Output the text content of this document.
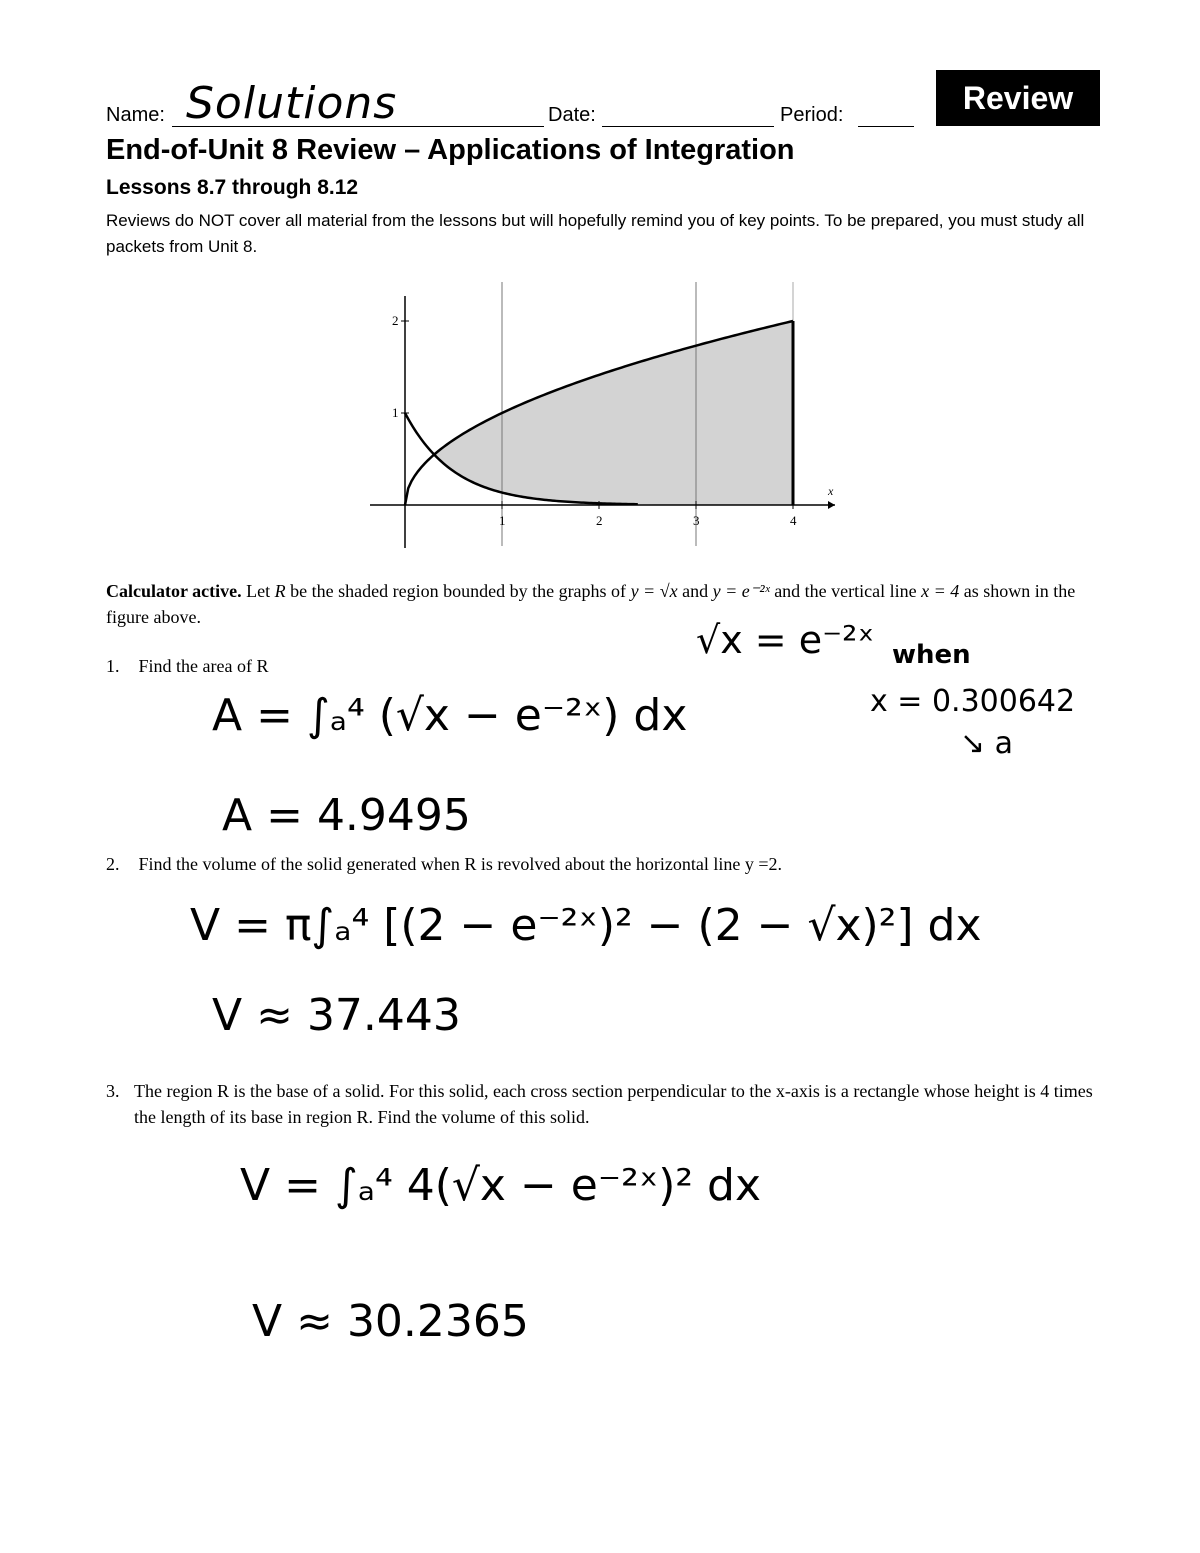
Name: Solutions	Date:	Period:	Review
End-of-Unit 8 Review – Applications of Integration
Lessons 8.7 through 8.12
Reviews do NOT cover all material from the lessons but will hopefully remind you of key points. To be prepared, you must study all packets from Unit 8.
1	2	3	4
1
2
x
Calculator active. Let R be the shaded region bounded by the graphs of y = √x and y = e⁻²ˣ and the vertical line x = 4 as shown in the figure above.
√x = e⁻²ˣ when
x = 0.300642
↘ a
1. Find the area of R
A = ∫ₐ⁴ (√x − e⁻²ˣ) dx
A = 4.9495
2. Find the volume of the solid generated when R is revolved about the horizontal line y =2.
V = π∫ₐ⁴ [(2 − e⁻²ˣ)² − (2 − √x)²] dx
V ≈ 37.443
3. The region R is the base of a solid. For this solid, each cross section perpendicular to the x-axis is a rectangle whose height is 4 times the length of its base in region R. Find the volume of this solid.
V = ∫ₐ⁴ 4(√x − e⁻²ˣ)² dx
V ≈ 30.2365
